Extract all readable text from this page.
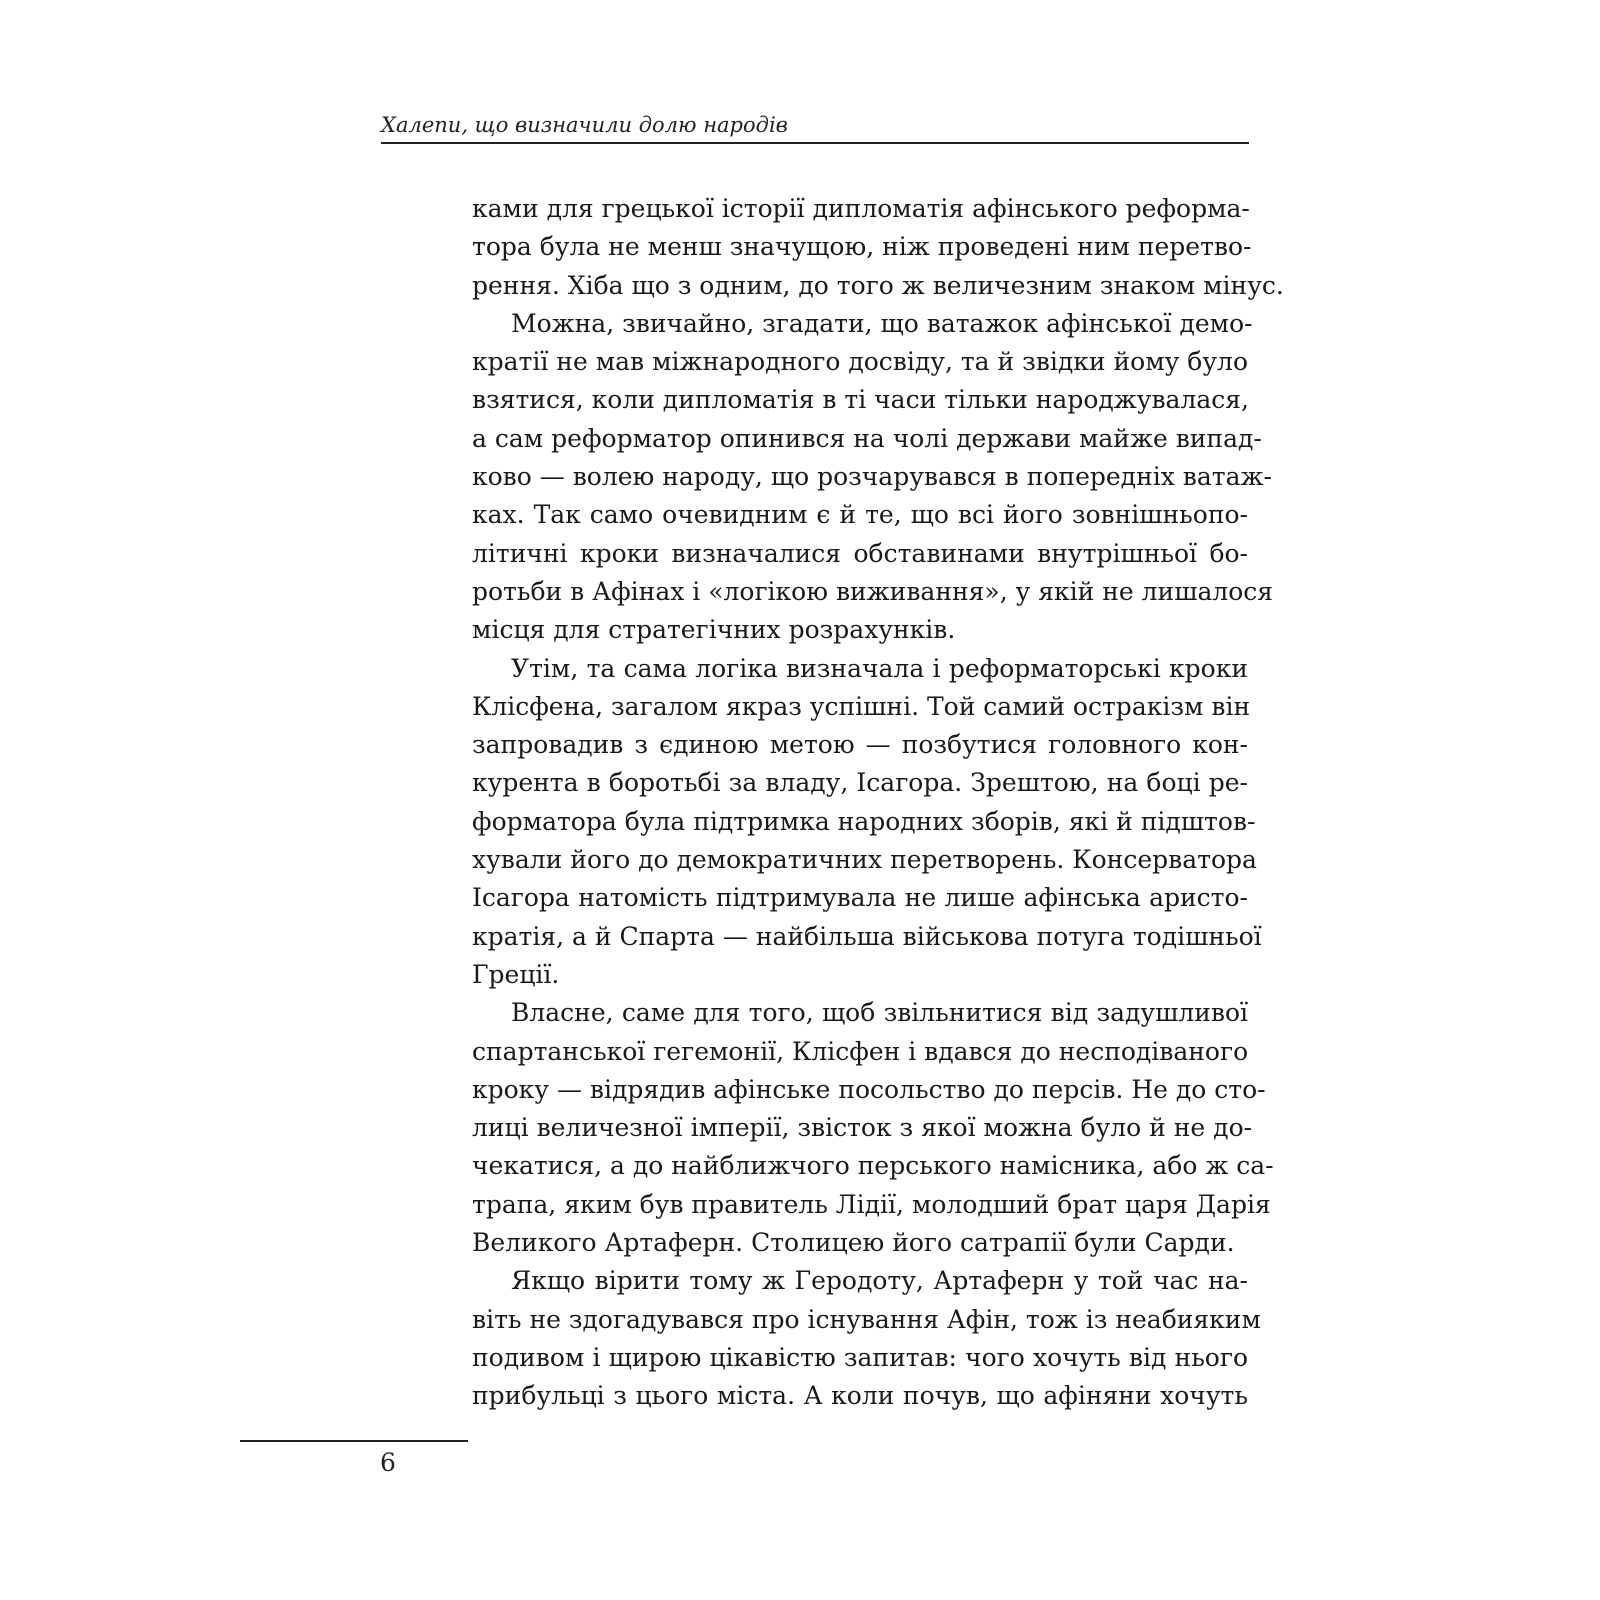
Халепи, що визначили долю народів
ками для грецької історії дипломатія афінського реформа-
тора була не менш значущою, ніж проведені ним перетво-
рення. Хіба що з одним, до того ж величезним знаком мінус.
Можна, звичайно, згадати, що ватажок афінської демо-
кратії не мав міжнародного досвіду, та й звідки йому було
взятися, коли дипломатія в ті часи тільки народжувалася,
а сам реформатор опинився на чолі держави майже випад-
ково — волею народу, що розчарувався в попередніх ватаж-
ках. Так само очевидним є й те, що всі його зовнішньопо-
літичні кроки визначалися обставинами внутрішньої бо-
ротьби в Афінах і «логікою виживання», у якій не лишалося
місця для стратегічних розрахунків.
Утім, та сама логіка визначала і реформаторські кроки
Клісфена, загалом якраз успішні. Той самий остракізм він
запровадив з єдиною метою — позбутися головного кон-
курента в боротьбі за владу, Ісагора. Зрештою, на боці ре-
форматора була підтримка народних зборів, які й підштов-
хували його до демократичних перетворень. Консерватора
Ісагора натомість підтримувала не лише афінська аристо-
кратія, а й Спарта — найбільша військова потуга тодішньої
Греції.
Власне, саме для того, щоб звільнитися від задушливої
спартанської гегемонії, Клісфен і вдався до несподіваного
кроку — відрядив афінське посольство до персів. Не до сто-
лиці величезної імперії, звісток з якої можна було й не до-
чекатися, а до найближчого перського намісника, або ж са-
трапа, яким був правитель Лідії, молодший брат царя Дарія
Великого Артаферн. Столицею його сатрапії були Сарди.
Якщо вірити тому ж Геродоту, Артаферн у той час на-
віть не здогадувався про існування Афін, тож із неабияким
подивом і щирою цікавістю запитав: чого хочуть від нього
прибульці з цього міста. А коли почув, що афіняни хочуть
6
